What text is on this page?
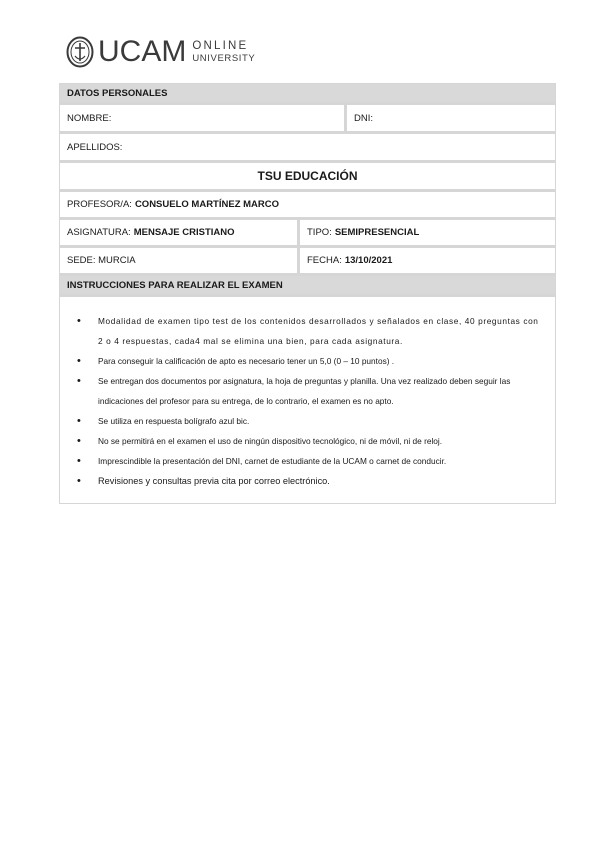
UCAM ONLINE
UNIVERSITY
DATOS PERSONALES
NOMBRE:	DNI:
APELLIDOS:
TSU EDUCACIÓN
PROFESOR/A: CONSUELO MARTÍNEZ MARCO
ASIGNATURA: MENSAJE CRISTIANO	TIPO: SEMIPRESENCIAL
SEDE: MURCIA	FECHA: 13/10/2021
INSTRUCCIONES PARA REALIZAR EL EXAMEN
• Modalidad de examen tipo test de los contenidos desarrollados y señalados en clase, 40 preguntas con 2 o 4 respuestas, cada4 mal se elimina una bien, para cada asignatura.
• Para conseguir la calificación de apto es necesario tener un 5,0 (0 – 10 puntos) .
• Se entregan dos documentos por asignatura, la hoja de preguntas y planilla. Una vez realizado deben seguir las indicaciones del profesor para su entrega, de lo contrario, el examen es no apto.
• Se utiliza en respuesta bolígrafo azul bic.
• No se permitirá en el examen el uso de ningún dispositivo tecnológico, ni de móvil, ni de reloj.
• Imprescindible la presentación del DNI, carnet de estudiante de la UCAM o carnet de conducir.
• Revisiones y consultas previa cita por correo electrónico.
